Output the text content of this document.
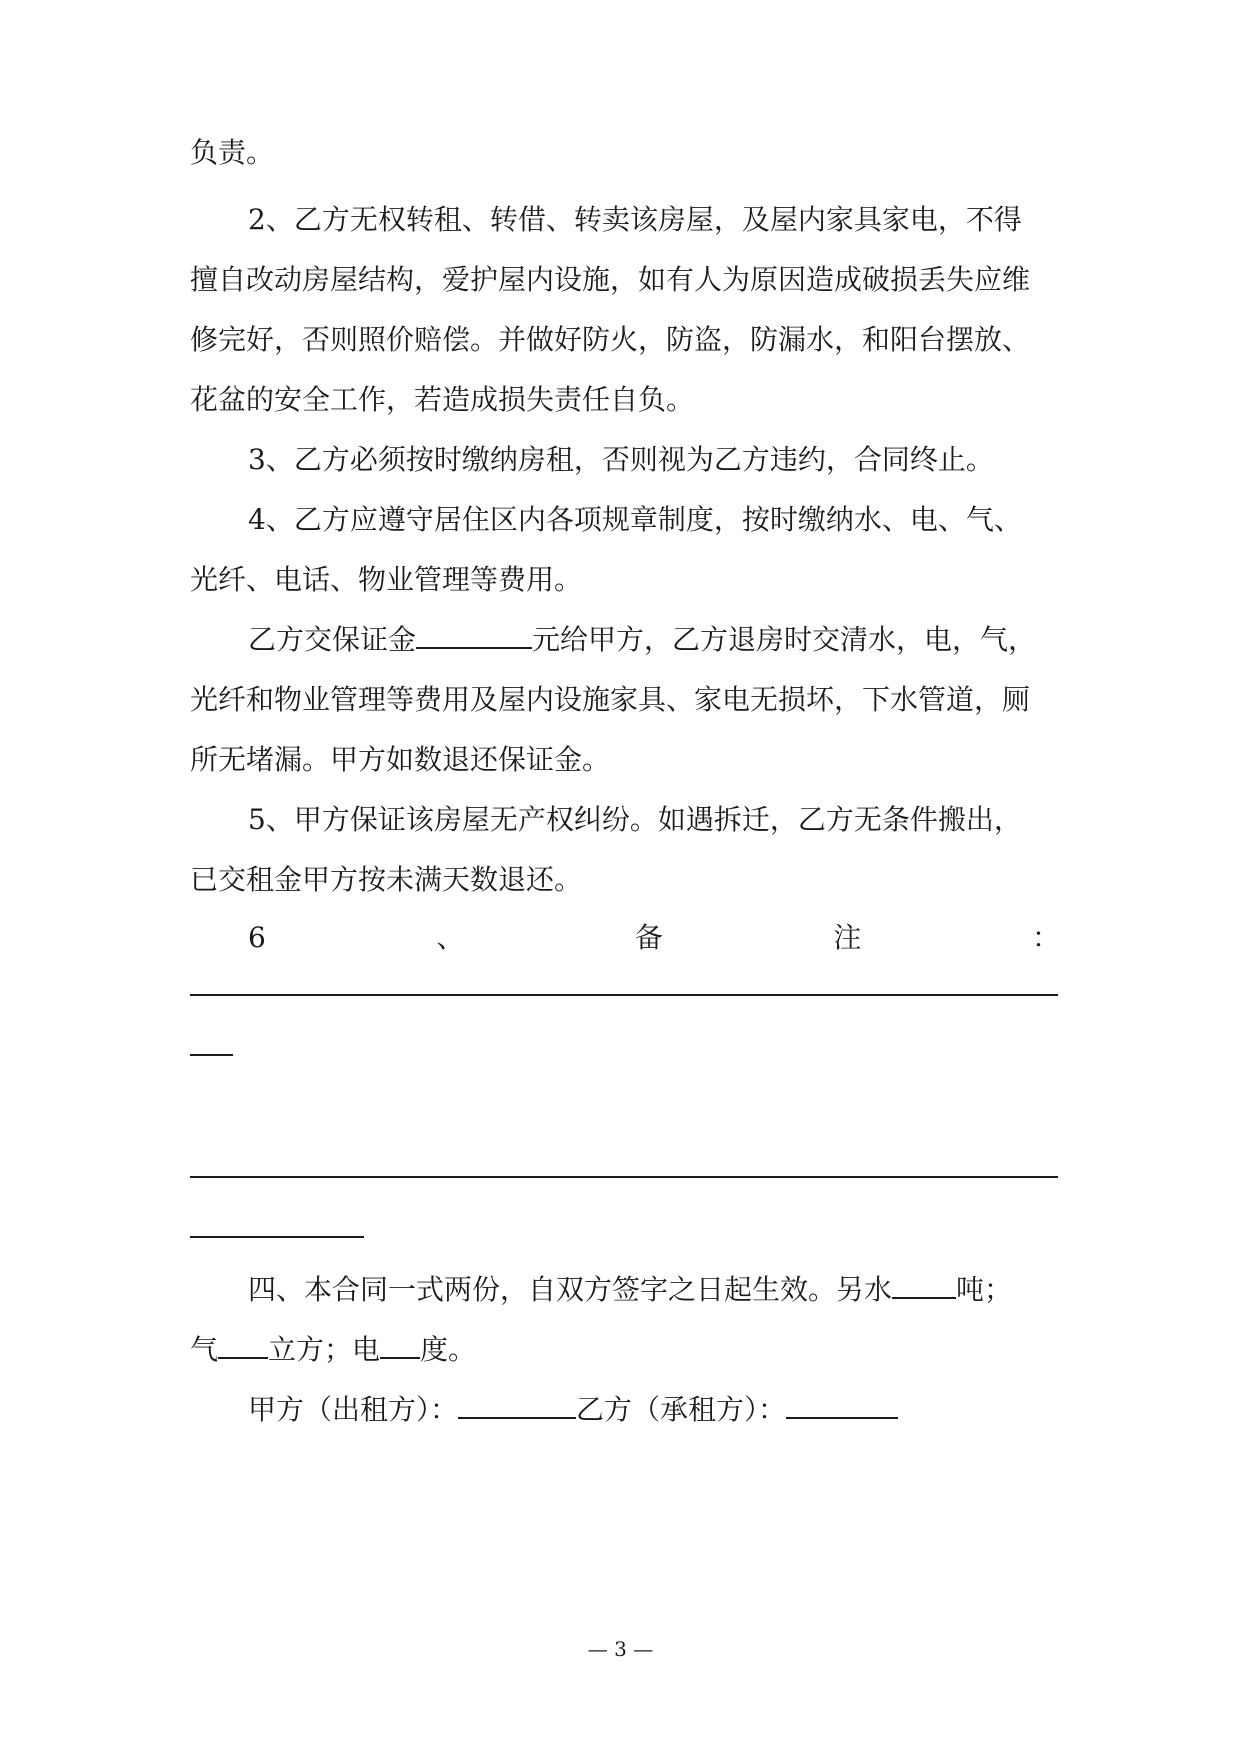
负责。
2、乙方无权转租、转借、转卖该房屋，及屋内家具家电，不得
擅自改动房屋结构，爱护屋内设施，如有人为原因造成破损丢失应维
修完好，否则照价赔偿。并做好防火，防盗，防漏水，和阳台摆放、
花盆的安全工作，若造成损失责任自负。
3、乙方必须按时缴纳房租，否则视为乙方违约，合同终止。
4、乙方应遵守居住区内各项规章制度，按时缴纳水、电、气、
光纤、电话、物业管理等费用。
乙方交保证金	元给甲方，乙方退房时交清水，电，气，
光纤和物业管理等费用及屋内设施家具、家电无损坏，下水管道，厕
所无堵漏。甲方如数退还保证金。
5、甲方保证该房屋无产权纠纷。如遇拆迁，乙方无条件搬出，
已交租金甲方按未满天数退还。
6	、	备	注	：
四、本合同一式两份，自双方签字之日起生效。另水 吨；
气 立方；电 度。
甲方（出租方）：	乙方（承租方）：
— 3 —
